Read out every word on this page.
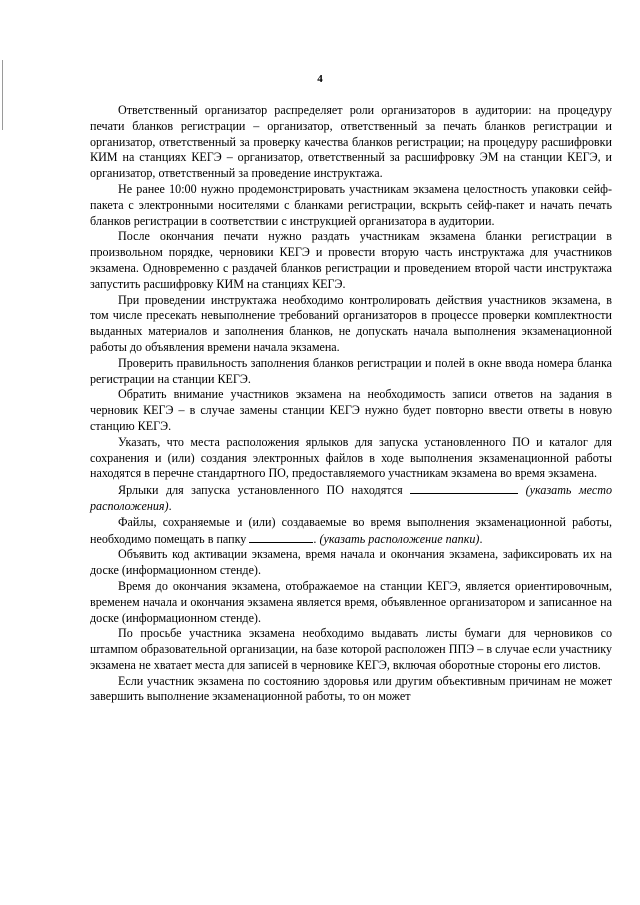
4

Ответственный организатор распределяет роли организаторов в аудитории: на процедуру печати бланков регистрации – организатор, ответственный за печать бланков регистрации и организатор, ответственный за проверку качества бланков регистрации; на процедуру расшифровки КИМ на станциях КЕГЭ – организатор, ответственный за расшифровку ЭМ на станции КЕГЭ, и организатор, ответственный за проведение инструктажа.

Не ранее 10:00 нужно продемонстрировать участникам экзамена целостность упаковки сейф-пакета с электронными носителями с бланками регистрации, вскрыть сейф-пакет и начать печать бланков регистрации в соответствии с инструкцией организатора в аудитории.

После окончания печати нужно раздать участникам экзамена бланки регистрации в произвольном порядке, черновики КЕГЭ и провести вторую часть инструктажа для участников экзамена. Одновременно с раздачей бланков регистрации и проведением второй части инструктажа запустить расшифровку КИМ на станциях КЕГЭ.

При проведении инструктажа необходимо контролировать действия участников экзамена, в том числе пресекать невыполнение требований организаторов в процессе проверки комплектности выданных материалов и заполнения бланков, не допускать начала выполнения экзаменационной работы до объявления времени начала экзамена.

Проверить правильность заполнения бланков регистрации и полей в окне ввода номера бланка регистрации на станции КЕГЭ.

Обратить внимание участников экзамена на необходимость записи ответов на задания в черновик КЕГЭ – в случае замены станции КЕГЭ нужно будет повторно ввести ответы в новую станцию КЕГЭ.

Указать, что места расположения ярлыков для запуска установленного ПО и каталог для сохранения и (или) создания электронных файлов в ходе выполнения экзаменационной работы находятся в перечне стандартного ПО, предоставляемого участникам экзамена во время экзамена.

Ярлыки для запуска установленного ПО находятся	(указать место расположения).

Файлы, сохраняемые и (или) создаваемые во время выполнения экзаменационной работы, необходимо помещать в папку	. (указать расположение папки).

Объявить код активации экзамена, время начала и окончания экзамена, зафиксировать их на доске (информационном стенде).

Время до окончания экзамена, отображаемое на станции КЕГЭ, является ориентировочным, временем начала и окончания экзамена является время, объявленное организатором и записанное на доске (информационном стенде).

По просьбе участника экзамена необходимо выдавать листы бумаги для черновиков со штампом образовательной организации, на базе которой расположен ППЭ – в случае если участнику экзамена не хватает места для записей в черновике КЕГЭ, включая оборотные стороны его листов.

Если участник экзамена по состоянию здоровья или другим объективным причинам не может завершить выполнение экзаменационной работы, то он может
